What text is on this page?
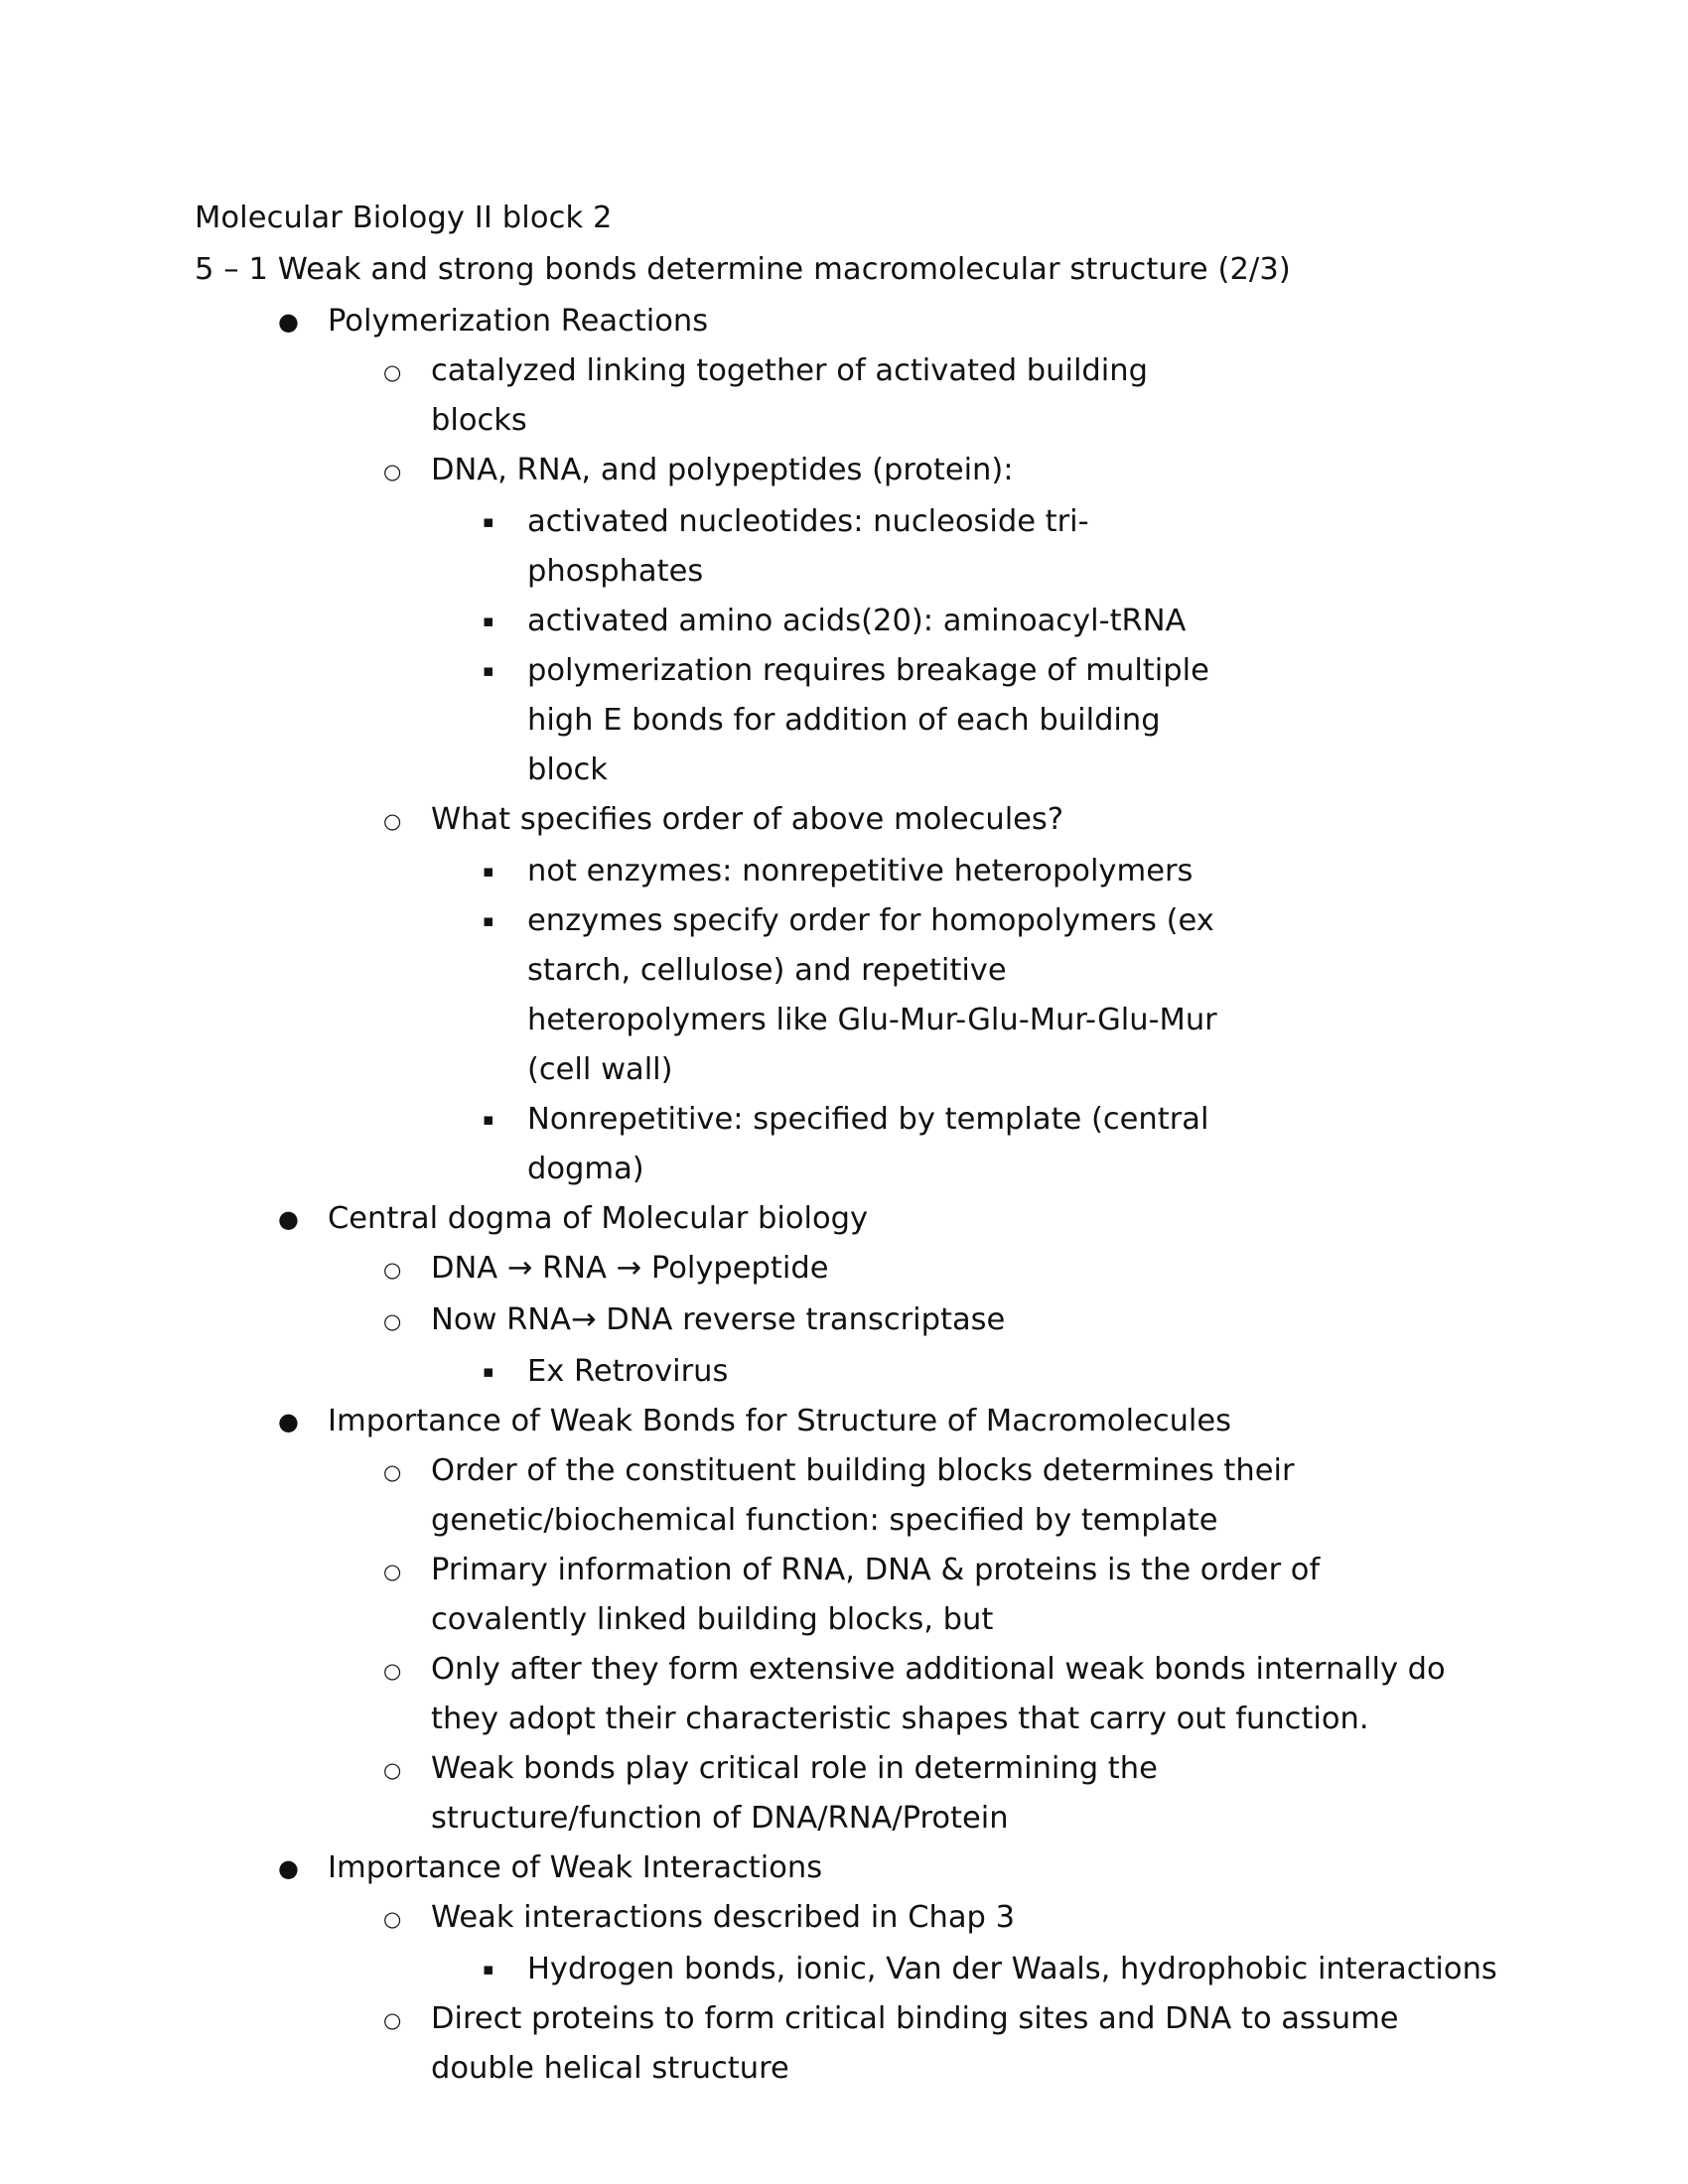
Molecular Biology II block 2
5 – 1 Weak and strong bonds determine macromolecular structure (2/3)
● Polymerization Reactions
○ catalyzed linking together of activated building blocks
○ DNA, RNA, and polypeptides (protein):
▪	activated nucleotides: nucleoside tri-phosphates
▪	activated amino acids(20): aminoacyl-tRNA
▪	polymerization requires breakage of multiple high E bonds for addition of each building block
○ What specifies order of above molecules?
▪	not enzymes: nonrepetitive heteropolymers
▪	enzymes specify order for homopolymers (ex starch, cellulose) and repetitive heteropolymers like Glu-Mur-Glu-Mur-Glu-Mur (cell wall)
▪	Nonrepetitive: specified by template (central dogma)
● Central dogma of Molecular biology
○ DNA → RNA → Polypeptide
○ Now RNA→ DNA reverse transcriptase
▪	Ex Retrovirus
● Importance of Weak Bonds for Structure of Macromolecules
○ Order of the constituent building blocks determines their genetic/biochemical function: specified by template
○ Primary information of RNA, DNA & proteins is the order of covalently linked building blocks, but
○ Only after they form extensive additional weak bonds internally do they adopt their characteristic shapes that carry out function.
○ Weak bonds play critical role in determining the structure/function of DNA/RNA/Protein
● Importance of Weak Interactions
○ Weak interactions described in Chap 3
▪	Hydrogen bonds, ionic, Van der Waals, hydrophobic interactions
○ Direct proteins to form critical binding sites and DNA to assume double helical structure
